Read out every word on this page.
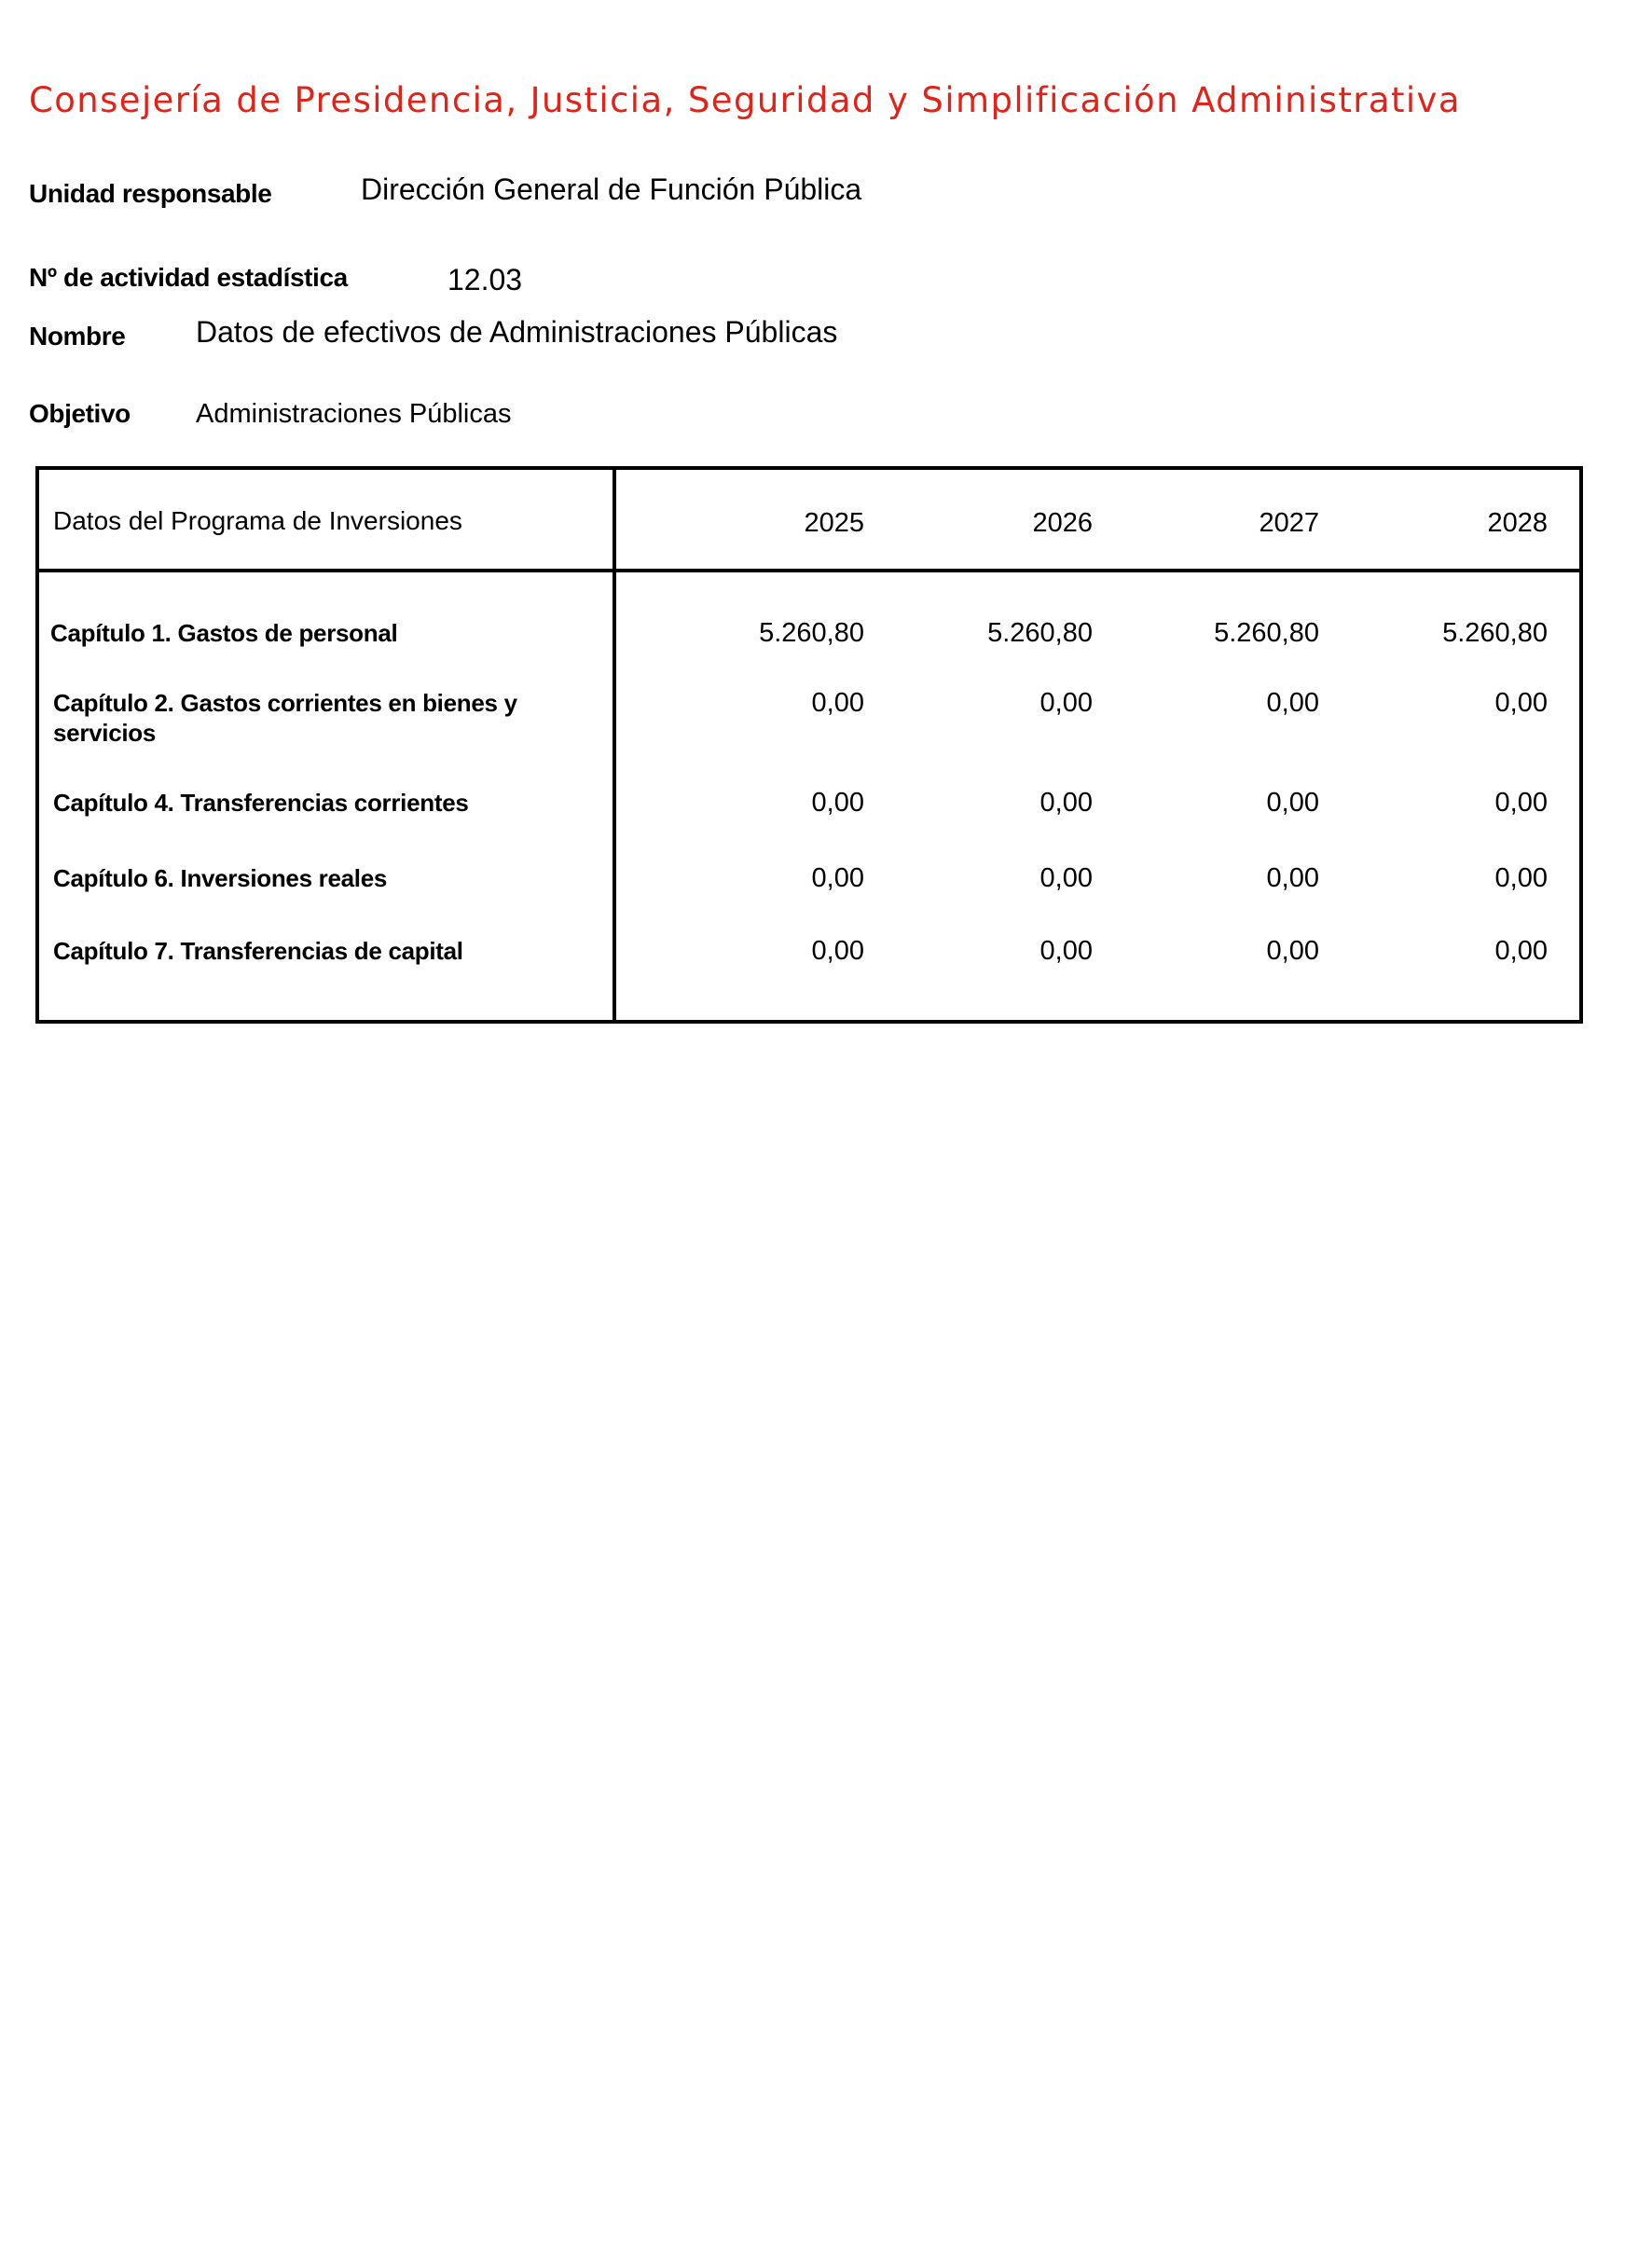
Consejería de Presidencia, Justicia, Seguridad y Simplificación Administrativa
Unidad responsable	Dirección General de Función Pública
Nº de actividad estadística	12.03
Nombre Datos de efectivos de Administraciones Públicas
Objetivo Administraciones Públicas
Datos del Programa de Inversiones	2025	2026	2027	2028
Capítulo 1. Gastos de personal	5.260,80	5.260,80	5.260,80	5.260,80
Capítulo 2. Gastos corrientes en bienes y
servicios
0,00	0,00	0,00	0,00
Capítulo 4. Transferencias corrientes	0,00	0,00	0,00	0,00
Capítulo 6. Inversiones reales	0,00	0,00	0,00	0,00
Capítulo 7. Transferencias de capital	0,00	0,00	0,00	0,00
